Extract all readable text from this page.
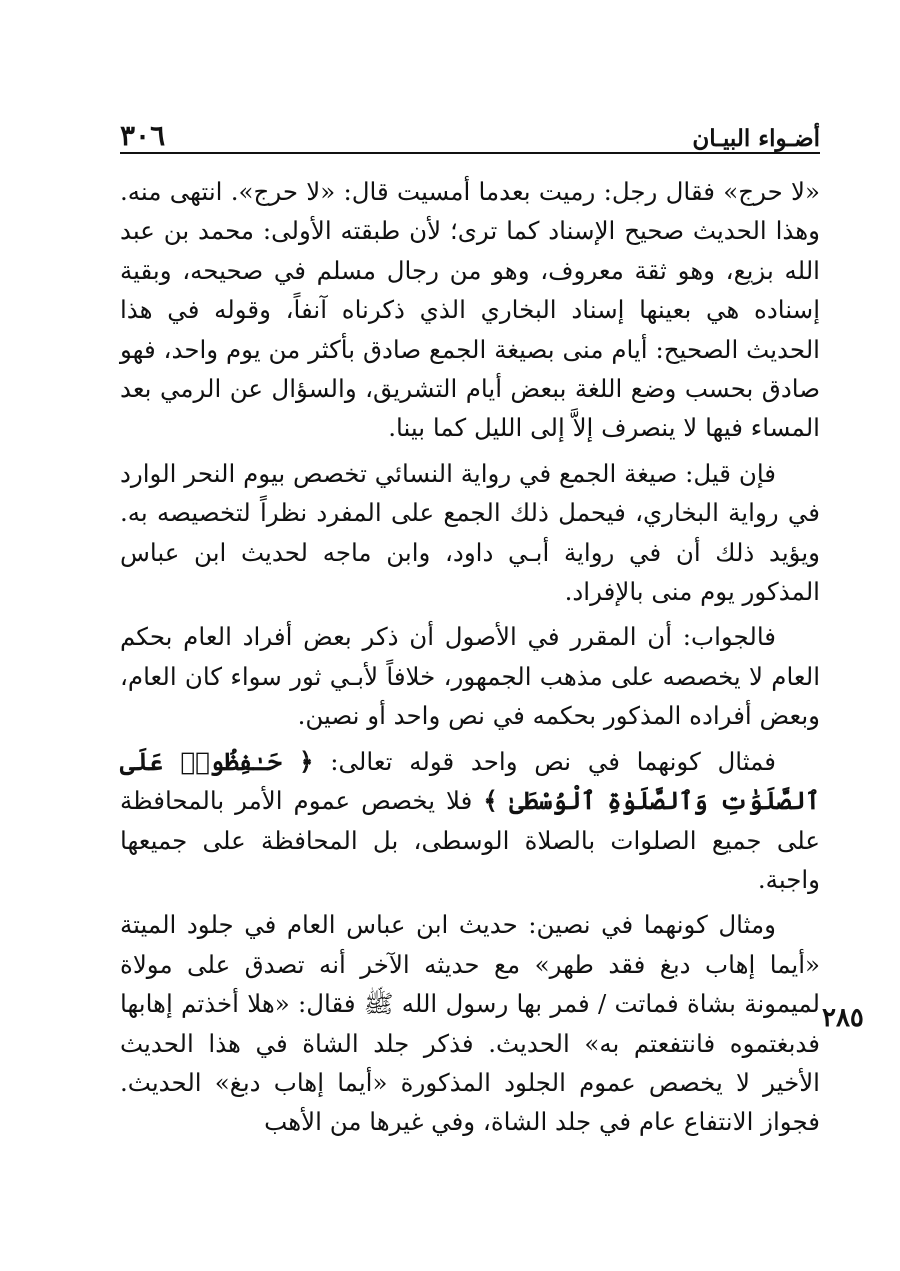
أضـواء البيـان
٣٠٦

«لا حرج» فقال رجل: رميت بعدما أمسيت قال: «لا حرج». انتهى منه. وهذا الحديث صحيح الإسناد كما ترى؛ لأن طبقته الأولى: محمد بن عبد الله بزيع، وهو ثقة معروف، وهو من رجال مسلم في صحيحه، وبقية إسناده هي بعينها إسناد البخاري الذي ذكرناه آنفاً، وقوله في هذا الحديث الصحيح: أيام منى بصيغة الجمع صادق بأكثر من يوم واحد، فهو صادق بحسب وضع اللغة ببعض أيام التشريق، والسؤال عن الرمي بعد المساء فيها لا ينصرف إلاَّ إلى الليل كما بينا.

فإن قيل: صيغة الجمع في رواية النسائي تخصص بيوم النحر الوارد في رواية البخاري، فيحمل ذلك الجمع على المفرد نظراً لتخصيصه به. ويؤيد ذلك أن في رواية أبـي داود، وابن ماجه لحديث ابن عباس المذكور يوم منى بالإفراد.

فالجواب: أن المقرر في الأصول أن ذكر بعض أفراد العام بحكم العام لا يخصصه على مذهب الجمهور، خلافاً لأبـي ثور سواء كان العام، وبعض أفراده المذكور بحكمه في نص واحد أو نصين.

فمثال كونهما في نص واحد قوله تعالى: ﴿ حَـٰفِظُوا۟ عَلَى ٱلصَّلَوَٰتِ وَٱلصَّلَوٰةِ ٱلْوُسْطَىٰ ﴾ فلا يخصص عموم الأمر بالمحافظة على جميع الصلوات بالصلاة الوسطى، بل المحافظة على جميعها واجبة.

ومثال كونهما في نصين: حديث ابن عباس العام في جلود الميتة «أيما إهاب دبغ فقد طهر» مع حديثه الآخر أنه تصدق على مولاة لميمونة بشاة فماتت / فمر بها رسول الله ﷺ فقال: «هلا أخذتم إهابها فدبغتموه فانتفعتم به» الحديث. فذكر جلد الشاة في هذا الحديث الأخير لا يخصص عموم الجلود المذكورة «أيما إهاب دبغ» الحديث. فجواز الانتفاع عام في جلد الشاة، وفي غيرها من الأهب

٢٨٥
